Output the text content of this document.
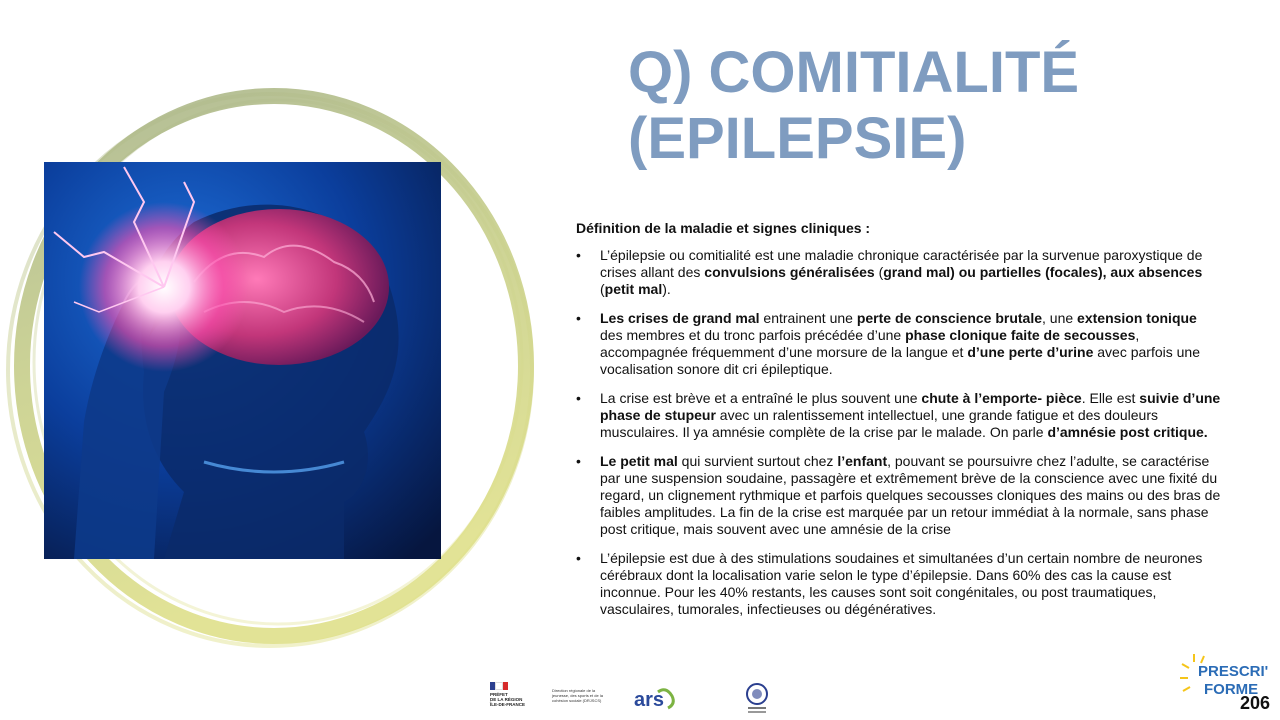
Q) COMITIALITÉ
(EPILEPSIE)
Définition de la maladie et signes cliniques :
• L’épilepsie ou comitialité est une maladie chronique caractérisée par la survenue paroxystique de crises allant des convulsions généralisées (grand mal) ou partielles (focales), aux absences (petit mal).
• Les crises de grand mal entrainent une perte de conscience brutale, une extension tonique des membres et du tronc parfois précédée d’une phase clonique faite de secousses, accompagnée fréquemment d’une morsure de la langue et d’une perte d’urine avec parfois une vocalisation sonore dit cri épileptique.
• La crise est brève et a entraîné le plus souvent une chute à l’emporte- pièce. Elle est suivie d’une phase de stupeur avec un ralentissement intellectuel, une grande fatigue et des douleurs musculaires. Il ya amnésie complète de la crise par le malade. On parle d’amnésie post critique.
• Le petit mal qui survient surtout chez l’enfant, pouvant se poursuivre chez l’adulte, se caractérise par une suspension soudaine, passagère et extrêmement brève de la conscience avec une fixité du regard, un clignement rythmique et parfois quelques secousses cloniques des mains ou des bras de faibles amplitudes. La fin de la crise est marquée par un retour immédiat à la normale, sans phase post critique, mais souvent avec une amnésie de la crise
• L’épilepsie est due à des stimulations soudaines et simultanées d’un certain nombre de neurones cérébraux dont la localisation varie selon le type d’épilepsie. Dans 60% des cas la cause est inconnue. Pour les 40% restants, les causes sont soit congénitales, ou post traumatiques, vasculaires, tumorales, infectieuses ou dégénératives.
PRÉFET
DE LA RÉGION
ÎLE-DE-FRANCE
Direction régionale de la jeunesse, des sports et de la cohésion sociale (DRJSCS)	ars
PRESCRI'
FORME
206
